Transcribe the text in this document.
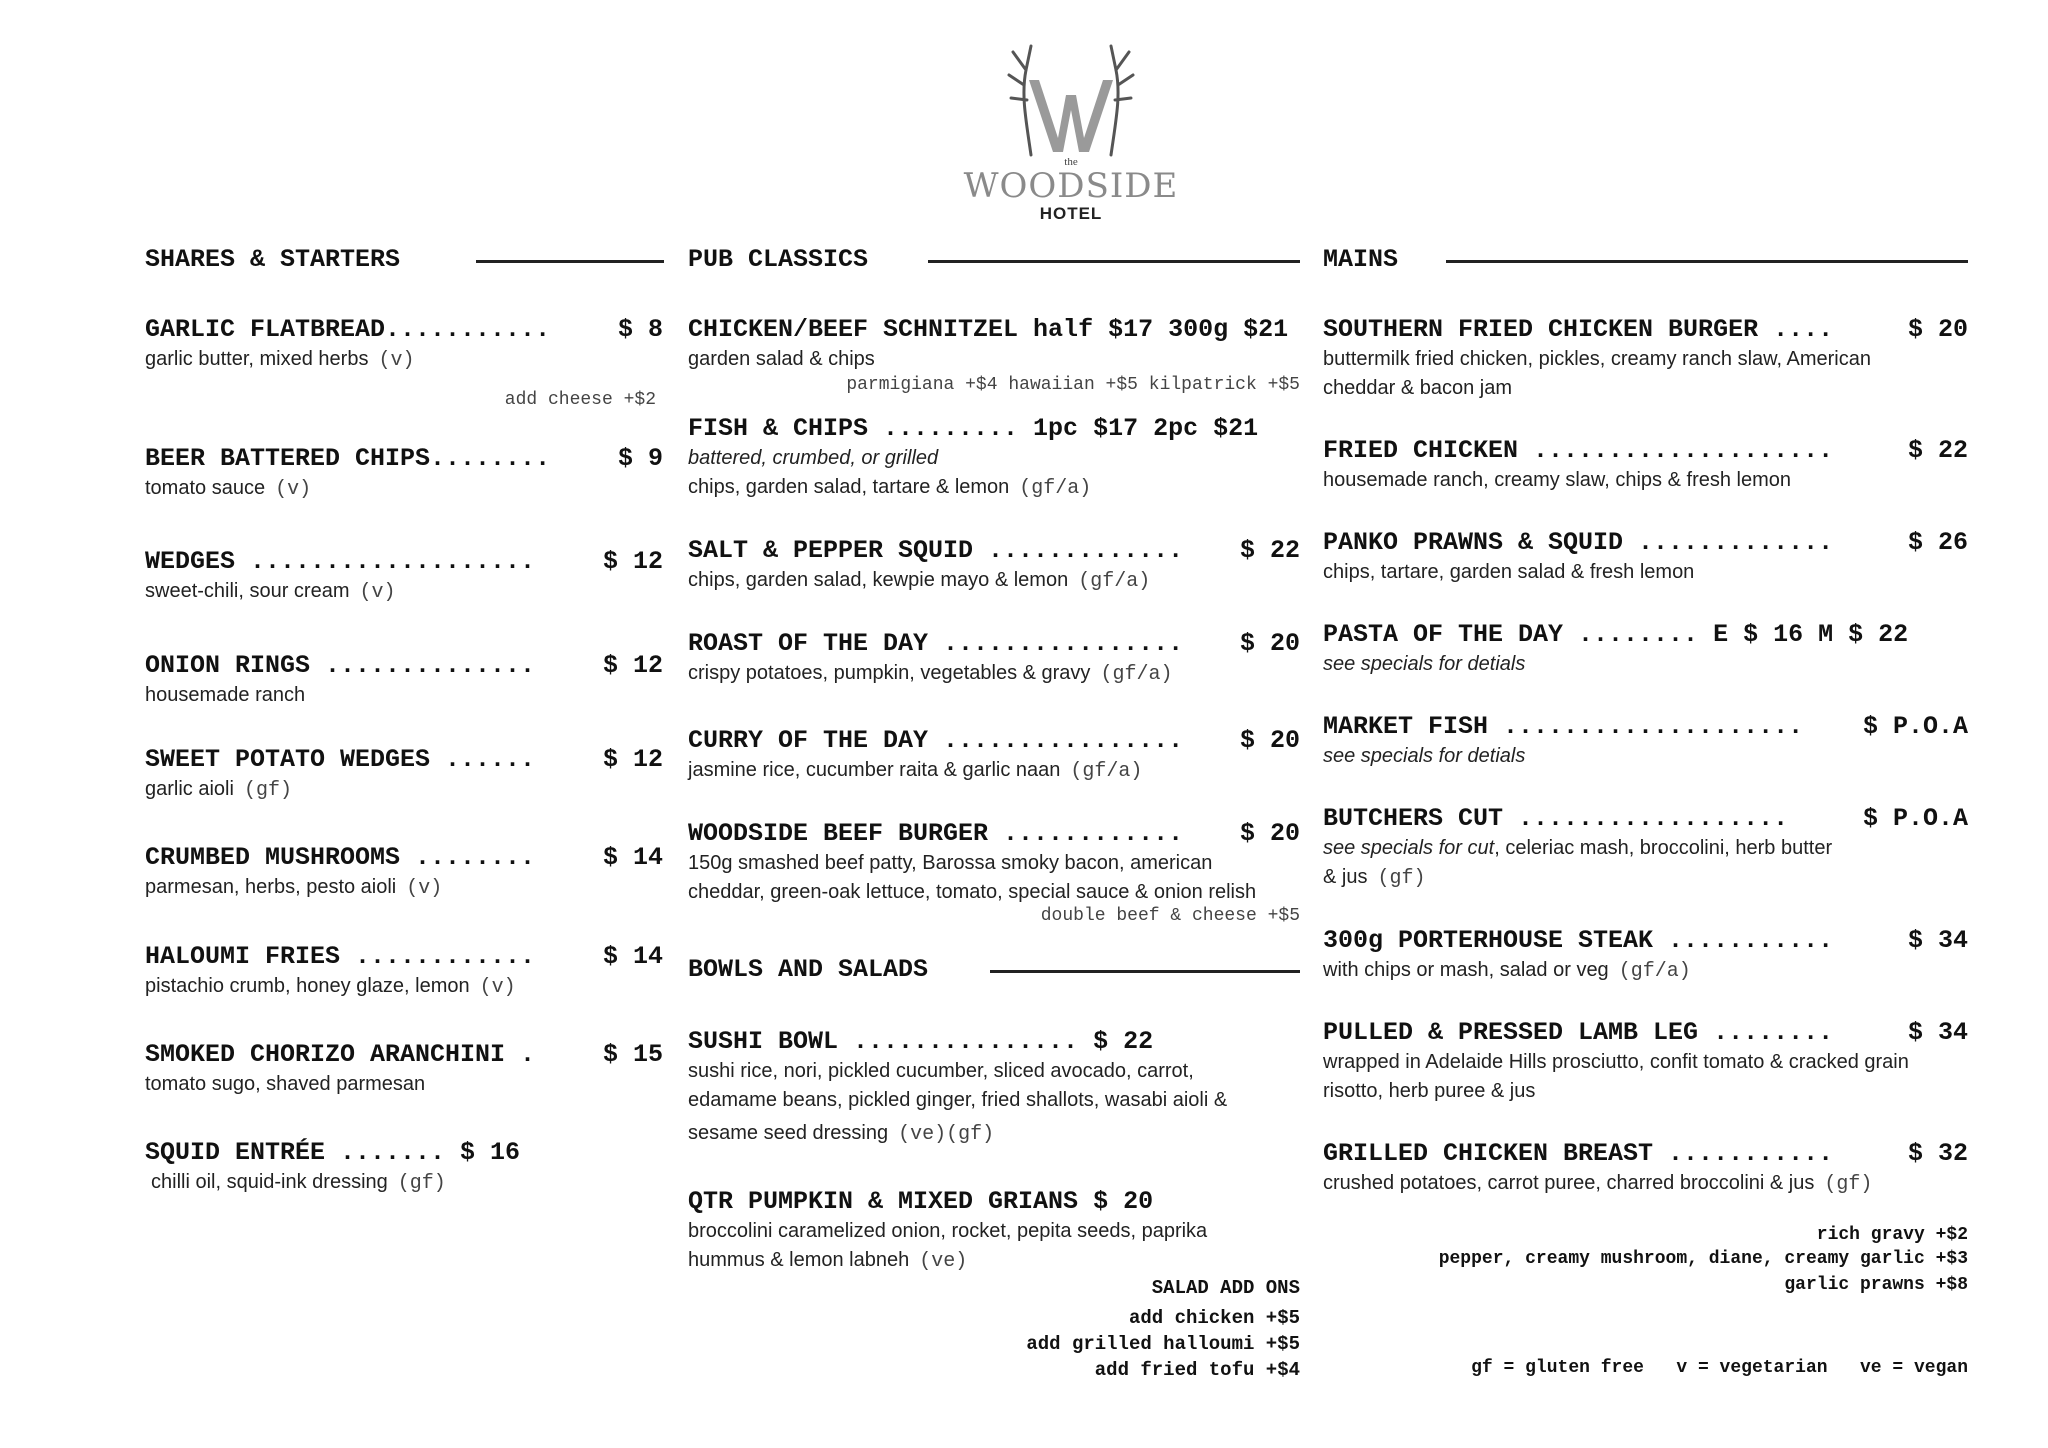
the
WOODSIDE
HOTEL
SHARES & STARTERS	PUB CLASSICS	MAINS
BOWLS AND SALADS
GARLIC FLATBREAD...........	$ 8
garlic butter, mixed herbs (v)
add cheese +$2
BEER BATTERED CHIPS........	$ 9
tomato sauce (v)
WEDGES ...................	$ 12
sweet-chili, sour cream (v)
ONION RINGS ..............	$ 12
housemade ranch
SWEET POTATO WEDGES ......	$ 12
garlic aioli (gf)
CRUMBED MUSHROOMS ........	$ 14
parmesan, herbs, pesto aioli (v)
HALOUMI FRIES ............	$ 14
pistachio crumb, honey glaze, lemon (v)
SMOKED CHORIZO ARANCHINI .	$ 15
tomato sugo, shaved parmesan
SQUID ENTRÉE ....... $ 16
chilli oil, squid-ink dressing (gf)
CHICKEN/BEEF SCHNITZEL half $17 300g $21
garden salad & chips
parmigiana +$4 hawaiian +$5 kilpatrick +$5
FISH & CHIPS ......... 1pc $17 2pc $21
battered, crumbed, or grilled
chips, garden salad, tartare & lemon (gf/a)
SALT & PEPPER SQUID ............. $ 22
chips, garden salad, kewpie mayo & lemon (gf/a)
ROAST OF THE DAY ................ $ 20
crispy potatoes, pumpkin, vegetables & gravy (gf/a)
CURRY OF THE DAY ................ $ 20
jasmine rice, cucumber raita & garlic naan (gf/a)
WOODSIDE BEEF BURGER ............ $ 20
150g smashed beef patty, Barossa smoky bacon, american
cheddar, green-oak lettuce, tomato, special sauce & onion relish
double beef & cheese +$5
SUSHI BOWL ............... $ 22
sushi rice, nori, pickled cucumber, sliced avocado, carrot,
edamame beans, pickled ginger, fried shallots, wasabi aioli &
sesame seed dressing (ve)(gf)
QTR PUMPKIN & MIXED GRIANS $ 20
broccolini caramelized onion, rocket, pepita seeds, paprika
hummus & lemon labneh (ve)
SALAD ADD ONS
add chicken +$5
add grilled halloumi +$5
add fried tofu +$4
SOUTHERN FRIED CHICKEN BURGER ....	$ 20
buttermilk fried chicken, pickles, creamy ranch slaw, American
cheddar & bacon jam
FRIED CHICKEN ....................	$ 22
housemade ranch, creamy slaw, chips & fresh lemon
PANKO PRAWNS & SQUID .............	$ 26
chips, tartare, garden salad & fresh lemon
PASTA OF THE DAY ........ E $ 16 M $ 22
see specials for detials
MARKET FISH .................... $ P.O.A
see specials for detials
BUTCHERS CUT ..................	$ P.O.A
see specials for cut, celeriac mash, broccolini, herb butter
& jus (gf)
300g PORTERHOUSE STEAK ...........	$ 34
with chips or mash, salad or veg (gf/a)
PULLED & PRESSED LAMB LEG ........	$ 34
wrapped in Adelaide Hills prosciutto, confit tomato & cracked grain
risotto, herb puree & jus
GRILLED CHICKEN BREAST ...........	$ 32
crushed potatoes, carrot puree, charred broccolini & jus (gf)
rich gravy +$2
pepper, creamy mushroom, diane, creamy garlic +$3
garlic prawns +$8
gf = gluten free   v = vegetarian   ve = vegan
